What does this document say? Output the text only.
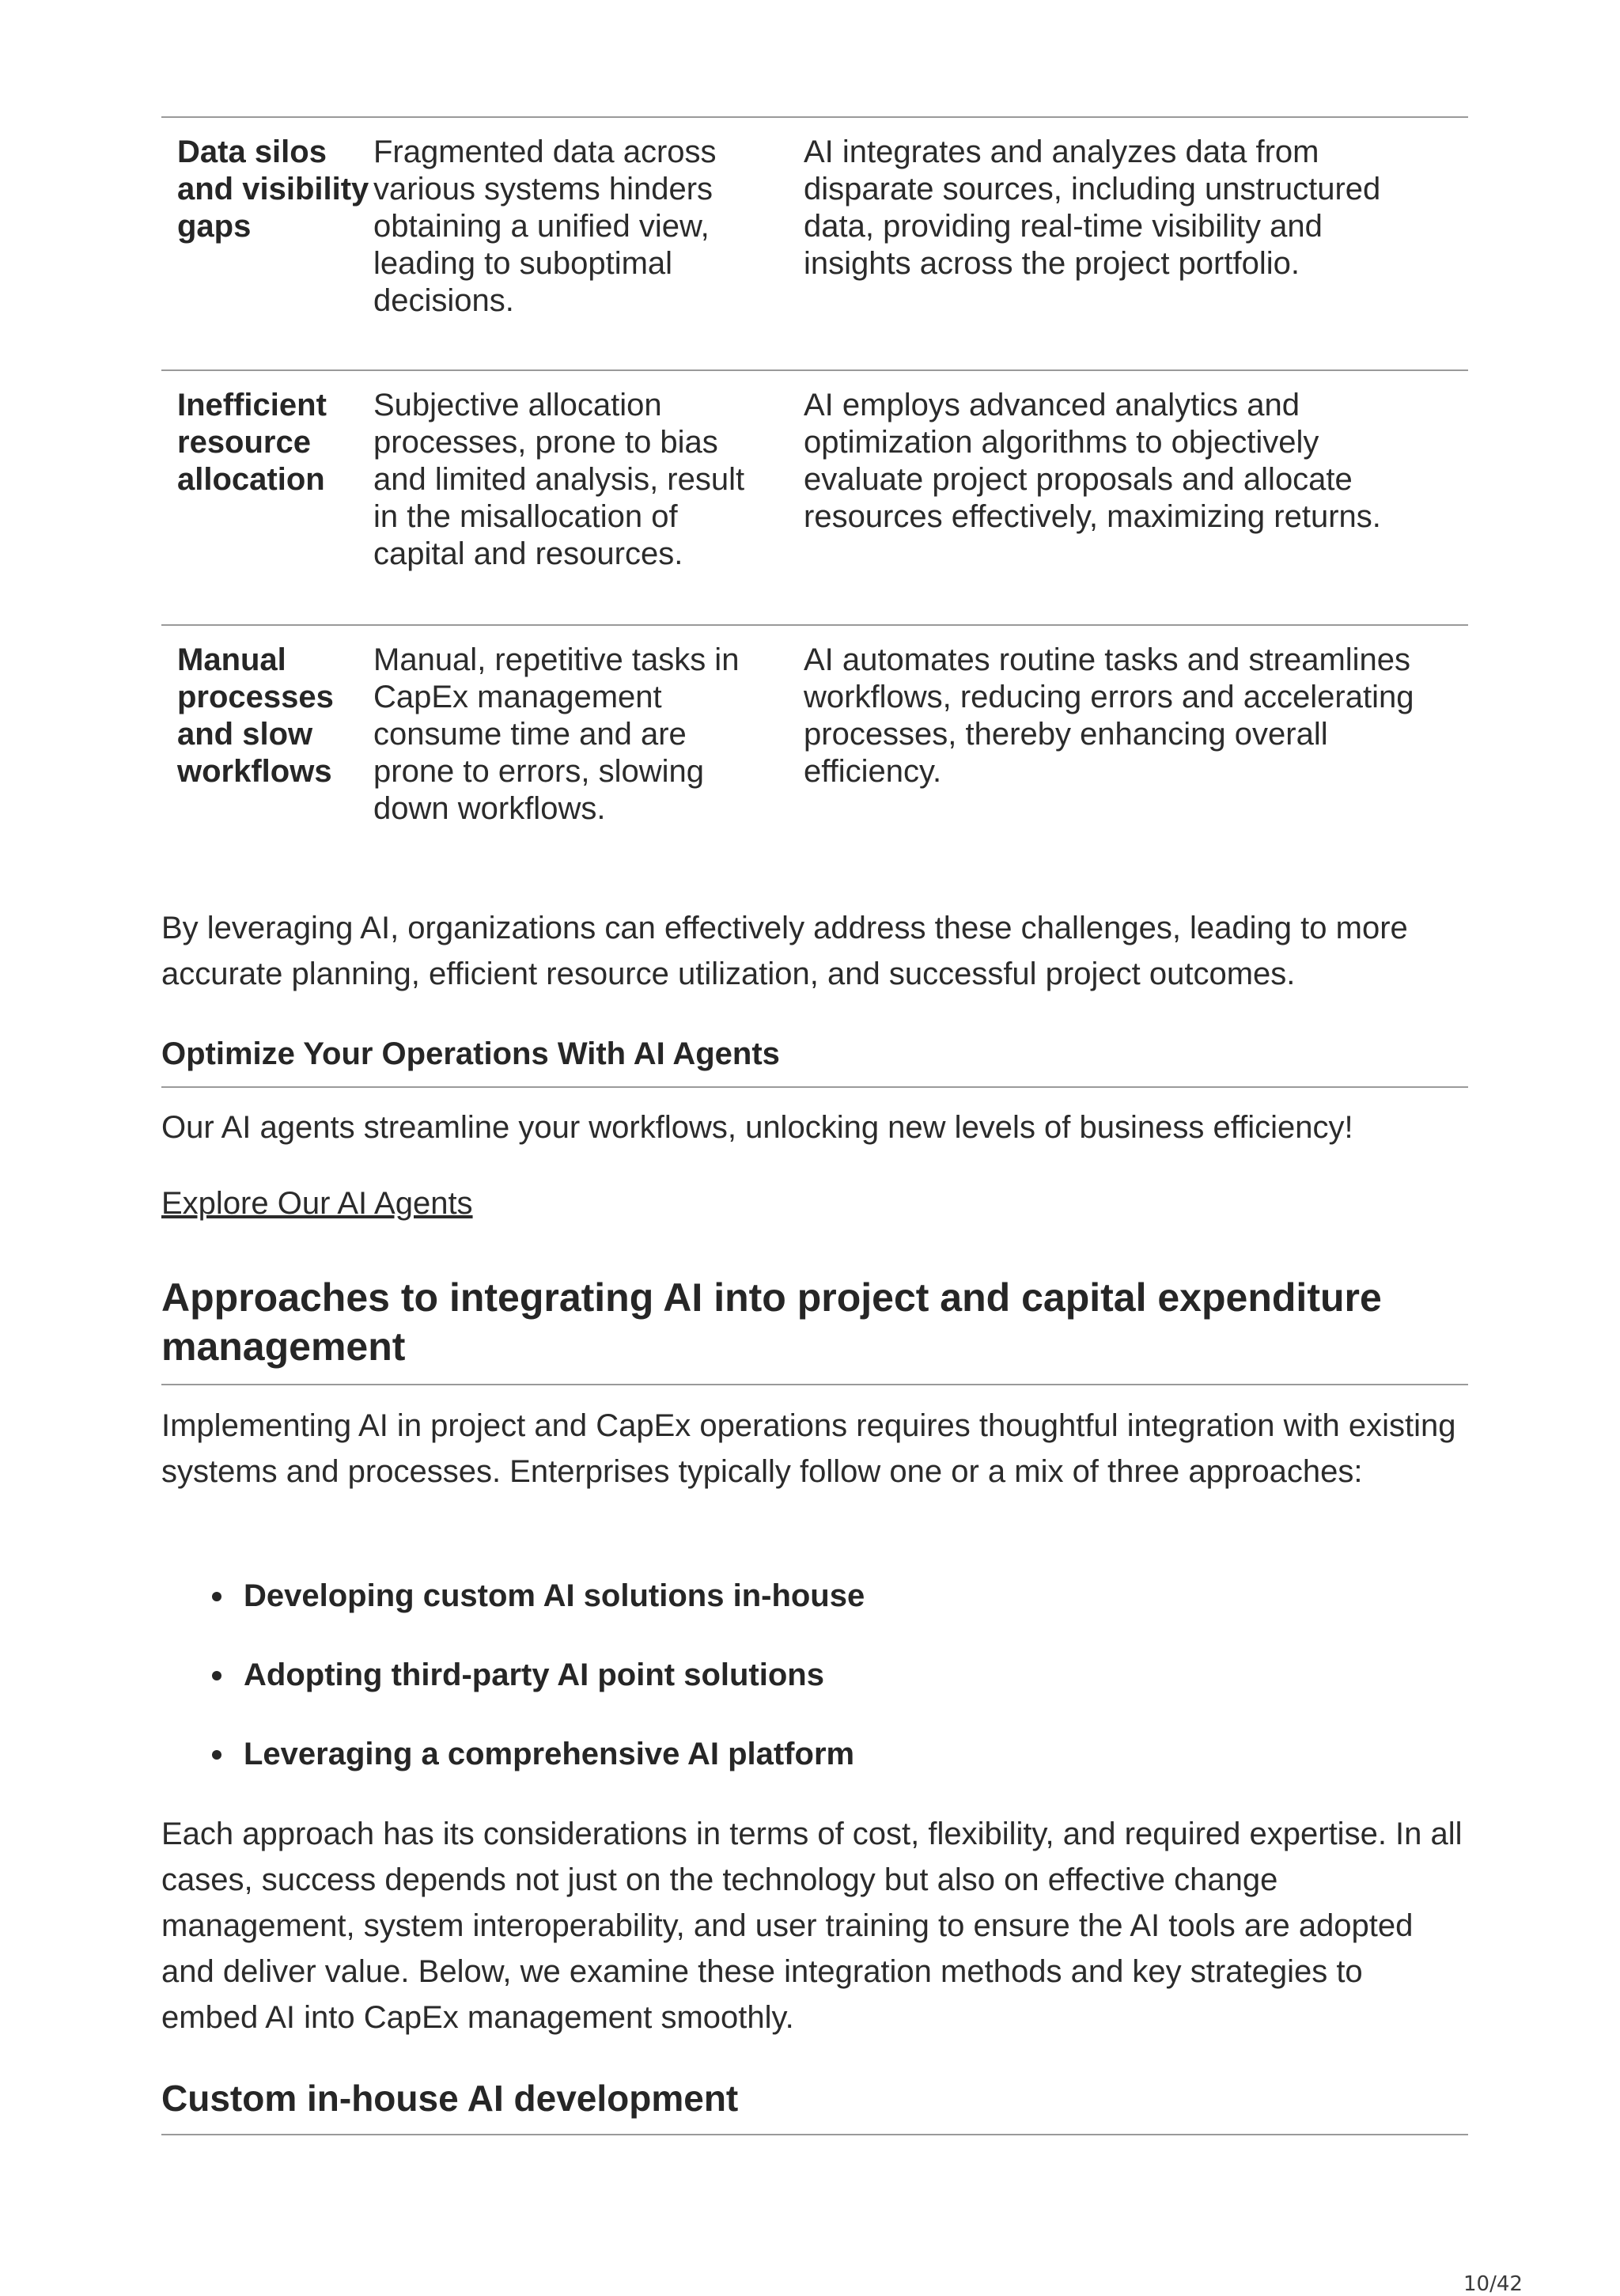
Data silos and visibility gaps
Fragmented data across various systems hinders obtaining a unified view, leading to suboptimal decisions.
AI integrates and analyzes data from disparate sources, including unstructured data, providing real-time visibility and insights across the project portfolio.
Inefficient resource allocation
Subjective allocation processes, prone to bias and limited analysis, result in the misallocation of capital and resources.
AI employs advanced analytics and optimization algorithms to objectively evaluate project proposals and allocate resources effectively, maximizing returns.
Manual processes and slow workflows
Manual, repetitive tasks in CapEx management consume time and are prone to errors, slowing down workflows.
AI automates routine tasks and streamlines workflows, reducing errors and accelerating processes, thereby enhancing overall efficiency.

By leveraging AI, organizations can effectively address these challenges, leading to more accurate planning, efficient resource utilization, and successful project outcomes.

Optimize Your Operations With AI Agents

Our AI agents streamline your workflows, unlocking new levels of business efficiency!

Explore Our AI Agents
Approaches to integrating AI into project and capital expenditure management

Implementing AI in project and CapEx operations requires thoughtful integration with existing systems and processes. Enterprises typically follow one or a mix of three approaches:

Developing custom AI solutions in-house
Adopting third-party AI point solutions
Leveraging a comprehensive AI platform

Each approach has its considerations in terms of cost, flexibility, and required expertise. In all cases, success depends not just on the technology but also on effective change management, system interoperability, and user training to ensure the AI tools are adopted and deliver value. Below, we examine these integration methods and key strategies to embed AI into CapEx management smoothly.

Custom in-house AI development
10/42
